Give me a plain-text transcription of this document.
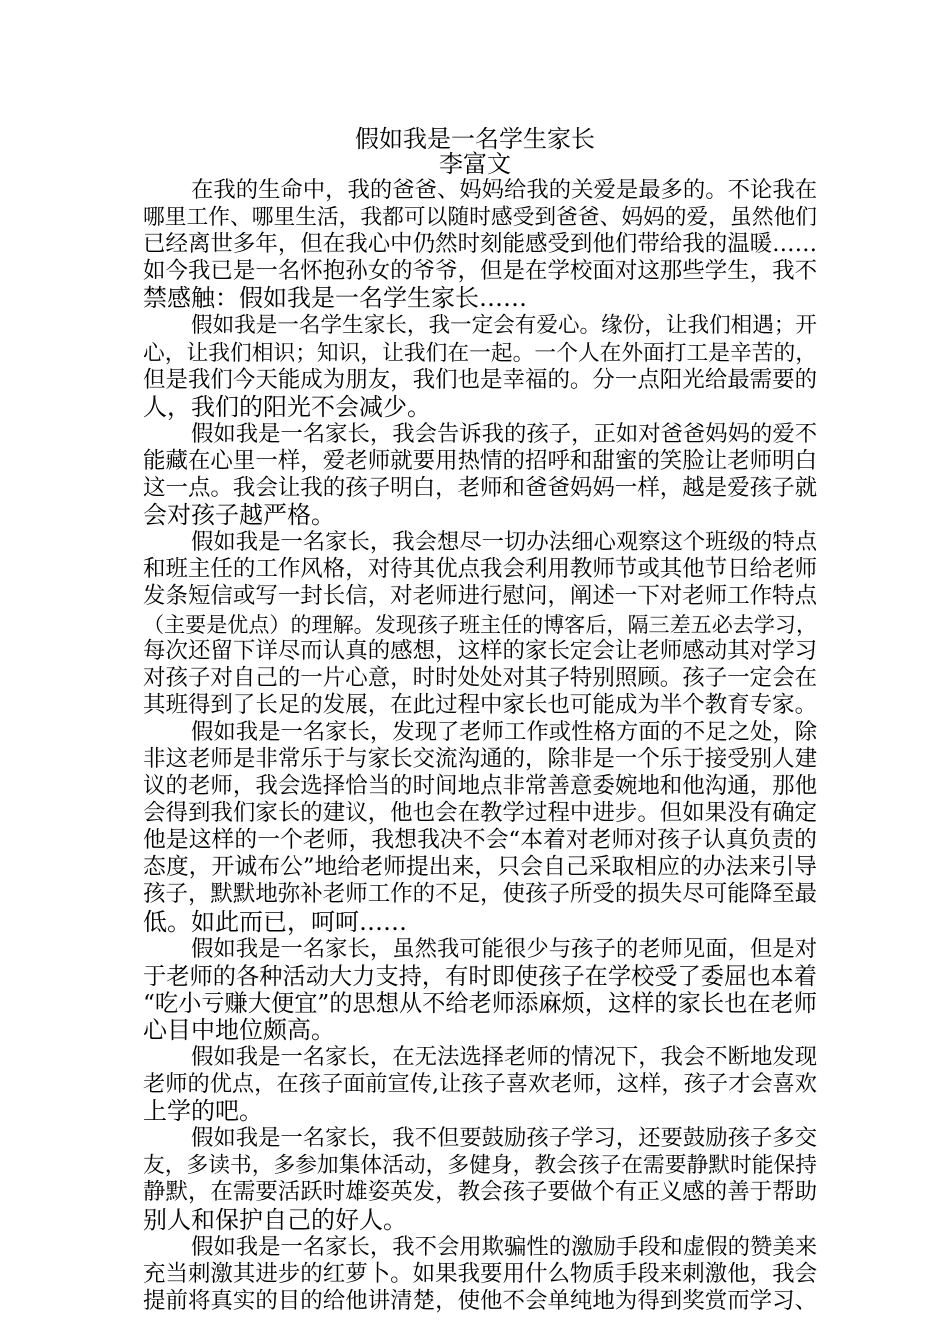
假如我是一名学生家长
李富文
在我的生命中，我的爸爸、妈妈给我的关爱是最多的。不论我在
哪里工作、哪里生活，我都可以随时感受到爸爸、妈妈的爱，虽然他们
已经离世多年，但在我心中仍然时刻能感受到他们带给我的温暖……
如今我已是一名怀抱孙女的爷爷，但是在学校面对这那些学生，我不
禁感触：假如我是一名学生家长……
假如我是一名学生家长，我一定会有爱心。缘份，让我们相遇；开
心，让我们相识；知识，让我们在一起。一个人在外面打工是辛苦的，
但是我们今天能成为朋友，我们也是幸福的。分一点阳光给最需要的
人，我们的阳光不会减少。
假如我是一名家长，我会告诉我的孩子，正如对爸爸妈妈的爱不
能藏在心里一样，爱老师就要用热情的招呼和甜蜜的笑脸让老师明白
这一点。我会让我的孩子明白，老师和爸爸妈妈一样，越是爱孩子就
会对孩子越严格。
假如我是一名家长，我会想尽一切办法细心观察这个班级的特点
和班主任的工作风格，对待其优点我会利用教师节或其他节日给老师
发条短信或写一封长信，对老师进行慰问，阐述一下对老师工作特点
（主要是优点）的理解。发现孩子班主任的博客后，隔三差五必去学习，
每次还留下详尽而认真的感想，这样的家长定会让老师感动其对学习
对孩子对自己的一片心意，时时处处对其子特别照顾。孩子一定会在
其班得到了长足的发展，在此过程中家长也可能成为半个教育专家。
假如我是一名家长，发现了老师工作或性格方面的不足之处，除
非这老师是非常乐于与家长交流沟通的，除非是一个乐于接受别人建
议的老师，我会选择恰当的时间地点非常善意委婉地和他沟通，那他
会得到我们家长的建议，他也会在教学过程中进步。但如果没有确定
他是这样的一个老师，我想我决不会“本着对老师对孩子认真负责的
态度，开诚布公”地给老师提出来，只会自己采取相应的办法来引导
孩子，默默地弥补老师工作的不足，使孩子所受的损失尽可能降至最
低。如此而已，呵呵……
假如我是一名家长，虽然我可能很少与孩子的老师见面，但是对
于老师的各种活动大力支持，有时即使孩子在学校受了委屈也本着
“吃小亏赚大便宜”的思想从不给老师添麻烦，这样的家长也在老师
心目中地位颇高。
假如我是一名家长，在无法选择老师的情况下，我会不断地发现
老师的优点，在孩子面前宣传,让孩子喜欢老师，这样，孩子才会喜欢
上学的吧。
假如我是一名家长，我不但要鼓励孩子学习，还要鼓励孩子多交
友，多读书，多参加集体活动，多健身，教会孩子在需要静默时能保持
静默，在需要活跃时雄姿英发，教会孩子要做个有正义感的善于帮助
别人和保护自己的好人。
假如我是一名家长，我不会用欺骗性的激励手段和虚假的赞美来
充当刺激其进步的红萝卜。如果我要用什么物质手段来刺激他，我会
提前将真实的目的给他讲清楚，使他不会单纯地为得到奖赏而学习、
